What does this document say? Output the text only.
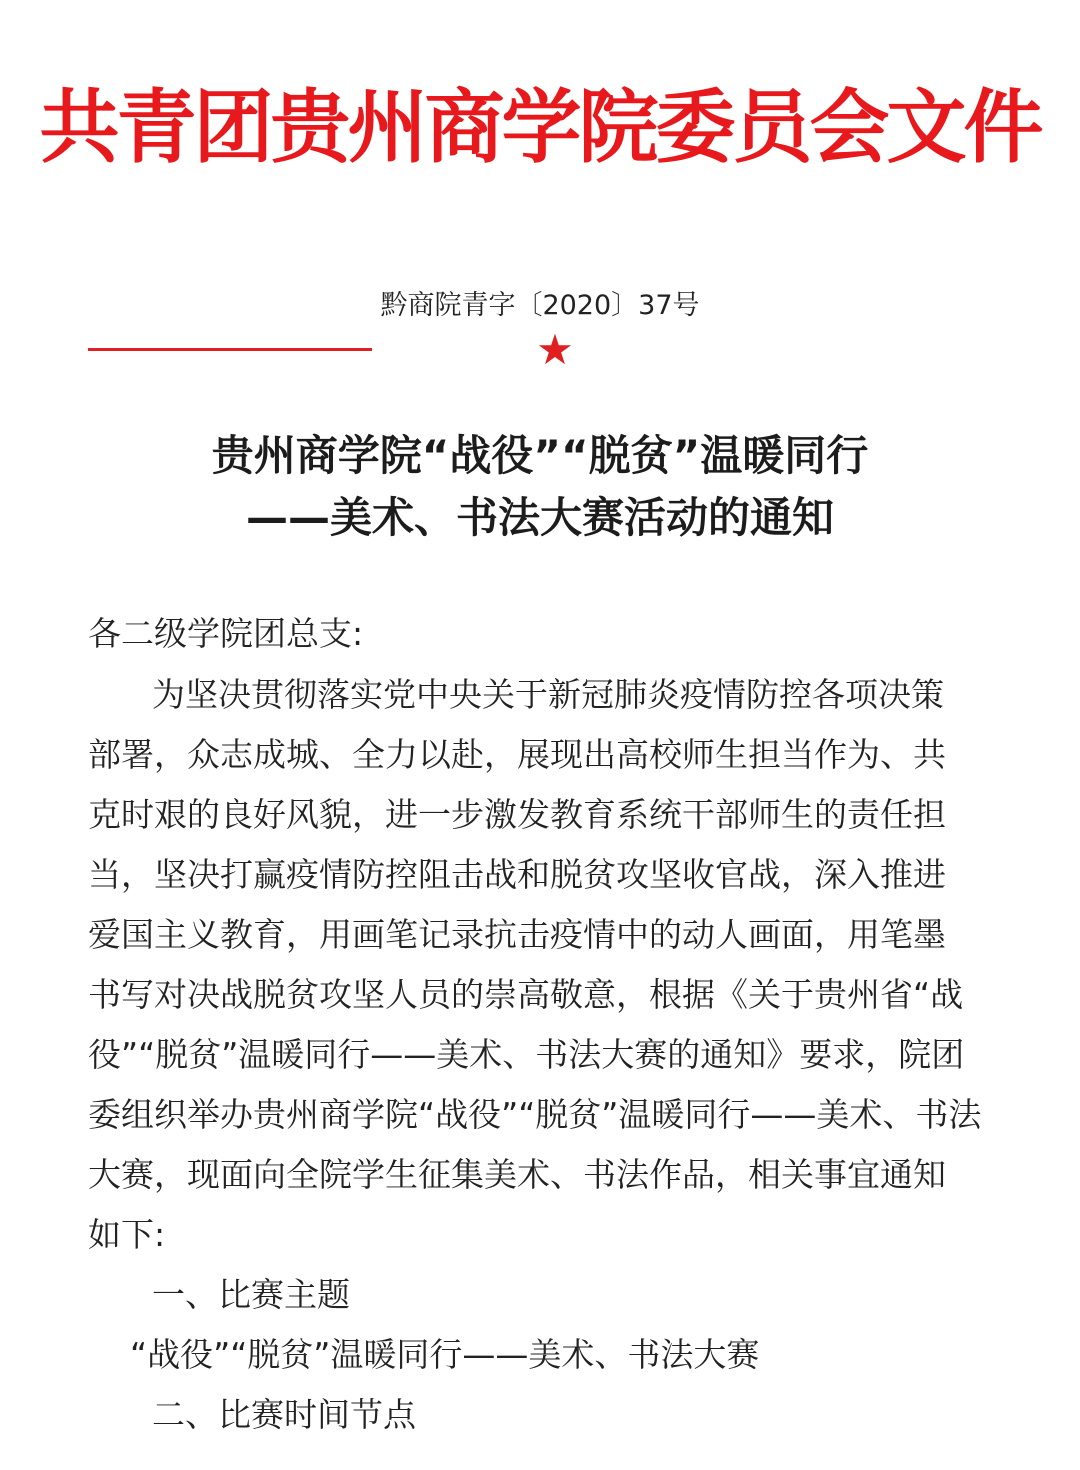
共青团贵州商学院委员会文件
黔商院青字〔2020〕37号
★
贵州商学院“战役”“脱贫”温暖同行
——美术、书法大赛活动的通知
各二级学院团总支:
为坚决贯彻落实党中央关于新冠肺炎疫情防控各项决策
部署，众志成城、全力以赴，展现出高校师生担当作为、共
克时艰的良好风貌，进一步激发教育系统干部师生的责任担
当，坚决打赢疫情防控阻击战和脱贫攻坚收官战，深入推进
爱国主义教育，用画笔记录抗击疫情中的动人画面，用笔墨
书写对决战脱贫攻坚人员的崇高敬意，根据《关于贵州省“战
役”“脱贫”温暖同行——美术、书法大赛的通知》要求，院团
委组织举办贵州商学院“战役”“脱贫”温暖同行——美术、书法
大赛，现面向全院学生征集美术、书法作品，相关事宜通知
如下:
一、比赛主题
“战役”“脱贫”温暖同行——美术、书法大赛
二、比赛时间节点
